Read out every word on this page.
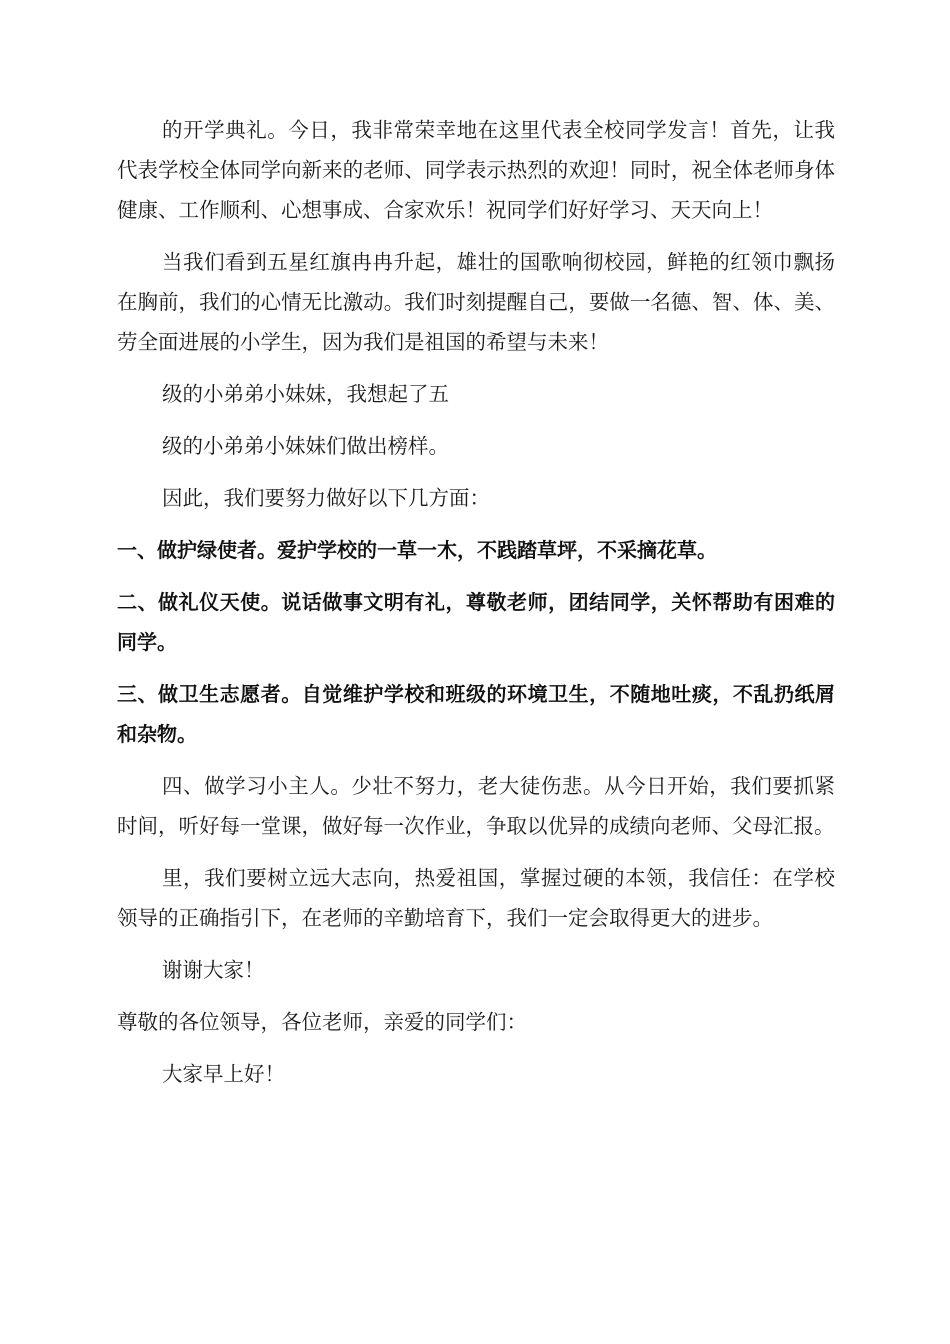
的开学典礼。今日，我非常荣幸地在这里代表全校同学发言！首先，让我代表学校全体同学向新来的老师、同学表示热烈的欢迎！同时，祝全体老师身体健康、工作顺利、心想事成、合家欢乐！祝同学们好好学习、天天向上！

当我们看到五星红旗冉冉升起，雄壮的国歌响彻校园，鲜艳的红领巾飘扬在胸前，我们的心情无比激动。我们时刻提醒自己，要做一名德、智、体、美、劳全面进展的小学生，因为我们是祖国的希望与未来！

级的小弟弟小妹妹，我想起了五

级的小弟弟小妹妹们做出榜样。

因此，我们要努力做好以下几方面：

一、做护绿使者。爱护学校的一草一木，不践踏草坪，不采摘花草。

二、做礼仪天使。说话做事文明有礼，尊敬老师，团结同学，关怀帮助有困难的同学。

三、做卫生志愿者。自觉维护学校和班级的环境卫生，不随地吐痰，不乱扔纸屑和杂物。

四、做学习小主人。少壮不努力，老大徒伤悲。从今日开始，我们要抓紧时间，听好每一堂课，做好每一次作业，争取以优异的成绩向老师、父母汇报。

里，我们要树立远大志向，热爱祖国，掌握过硬的本领，我信任：在学校领导的正确指引下，在老师的辛勤培育下，我们一定会取得更大的进步。

谢谢大家！

尊敬的各位领导，各位老师，亲爱的同学们：

大家早上好！
